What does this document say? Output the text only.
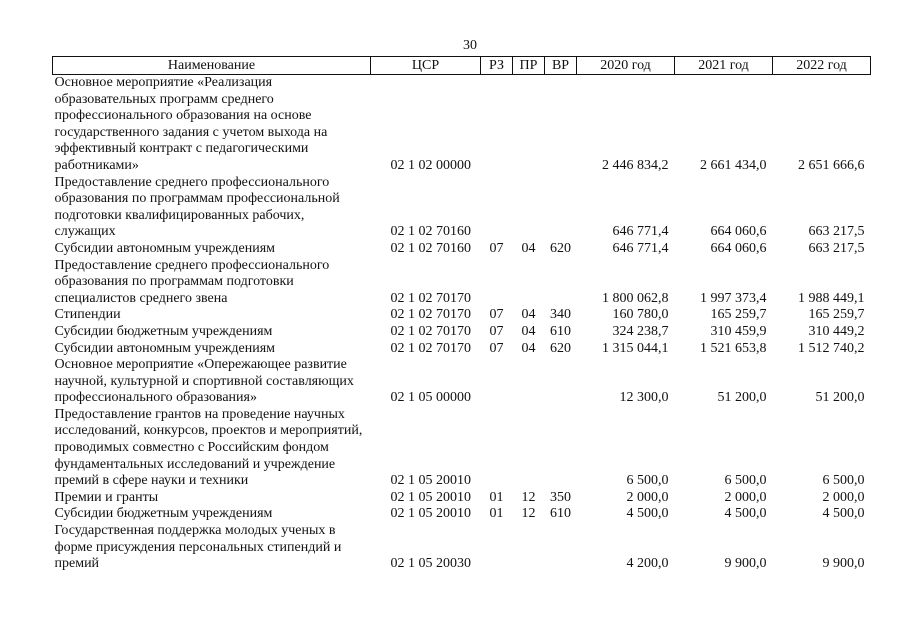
30
Наименование	ЦСР	РЗ	ПР	ВР	2020 год	2021 год	2022 год
Основное мероприятие «Реализация образовательных программ среднего профессионального образования на основе государственного задания с учетом выхода на эффективный контракт с педагогическими работниками»	02 1 02 00000				2 446 834,2	2 661 434,0	2 651 666,6
Предоставление среднего профессионального образования по программам профессиональной подготовки квалифицированных рабочих, служащих	02 1 02 70160				646 771,4	664 060,6	663 217,5
Субсидии автономным учреждениям	02 1 02 70160	07	04	620	646 771,4	664 060,6	663 217,5
Предоставление среднего профессионального образования по программам подготовки специалистов среднего звена	02 1 02 70170				1 800 062,8	1 997 373,4	1 988 449,1
Стипендии	02 1 02 70170	07	04	340	160 780,0	165 259,7	165 259,7
Субсидии бюджетным учреждениям	02 1 02 70170	07	04	610	324 238,7	310 459,9	310 449,2
Субсидии автономным учреждениям	02 1 02 70170	07	04	620	1 315 044,1	1 521 653,8	1 512 740,2
Основное мероприятие «Опережающее развитие научной, культурной и спортивной составляющих профессионального образования»	02 1 05 00000				12 300,0	51 200,0	51 200,0
Предоставление грантов на проведение научных исследований, конкурсов, проектов и мероприятий, проводимых совместно с Российским фондом фундаментальных исследований и учреждение премий в сфере науки и техники	02 1 05 20010				6 500,0	6 500,0	6 500,0
Премии и гранты	02 1 05 20010	01	12	350	2 000,0	2 000,0	2 000,0
Субсидии бюджетным учреждениям	02 1 05 20010	01	12	610	4 500,0	4 500,0	4 500,0
Государственная поддержка молодых ученых в форме присуждения персональных стипендий и премий	02 1 05 20030				4 200,0	9 900,0	9 900,0
